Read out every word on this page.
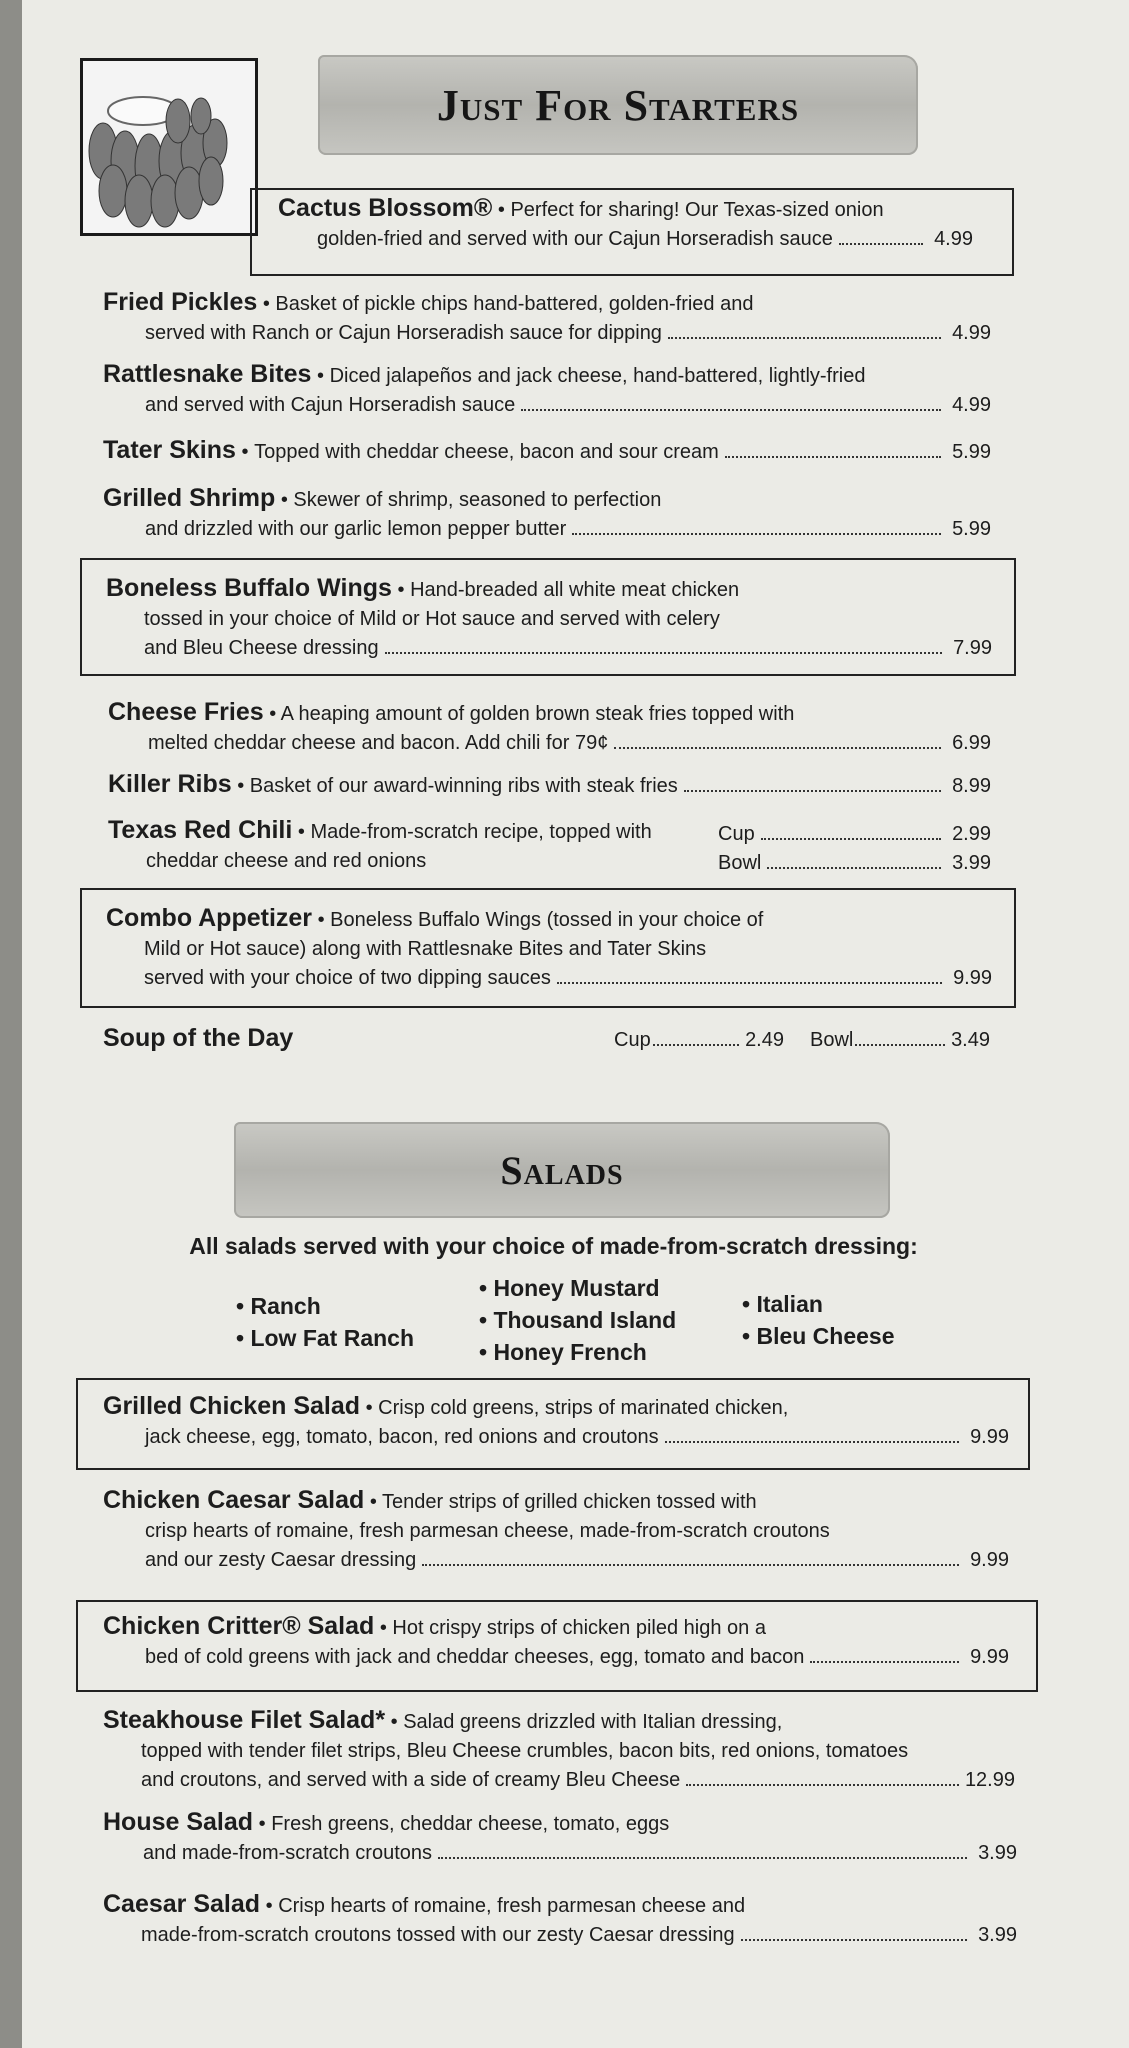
Just For Starters
Cactus Blossom® • Perfect for sharing! Our Texas-sized onion
golden-fried and served with our Cajun Horseradish sauce	4.99
Fried Pickles • Basket of pickle chips hand-battered, golden-fried and
served with Ranch or Cajun Horseradish sauce for dipping	4.99
Rattlesnake Bites • Diced jalapeños and jack cheese, hand-battered, lightly-fried
and served with Cajun Horseradish sauce	4.99
Tater Skins
•
Topped with cheddar cheese, bacon and sour cream	5.99
Grilled Shrimp • Skewer of shrimp, seasoned to perfection
and drizzled with our garlic lemon pepper butter	5.99
Boneless Buffalo Wings • Hand-breaded all white meat chicken
tossed in your choice of Mild or Hot sauce and served with celery
and Bleu Cheese dressing	7.99
Cheese Fries • A heaping amount of golden brown steak fries topped with
melted cheddar cheese and bacon. Add chili for 79¢	6.99
Killer Ribs
•
Basket of our award-winning ribs with steak fries	8.99
Texas Red Chili • Made-from-scratch recipe, topped with
cheddar cheese and red onions
Cup	2.99
Bowl	3.99
Combo Appetizer • Boneless Buffalo Wings (tossed in your choice of
Mild or Hot sauce) along with Rattlesnake Bites and Tater Skins
served with your choice of two dipping sauces	9.99
Soup of the Day	Cup	2.49 Bowl	3.49
Salads
All salads served with your choice of made-from-scratch dressing:
• Ranch
• Low Fat Ranch
• Honey Mustard
• Thousand Island
• Honey French
• Italian
• Bleu Cheese
Grilled Chicken Salad • Crisp cold greens, strips of marinated chicken,
jack cheese, egg, tomato, bacon, red onions and croutons	9.99
Chicken Caesar Salad • Tender strips of grilled chicken tossed with
crisp hearts of romaine, fresh parmesan cheese, made-from-scratch croutons
and our zesty Caesar dressing	9.99
Chicken Critter® Salad • Hot crispy strips of chicken piled high on a
bed of cold greens with jack and cheddar cheeses, egg, tomato and bacon	9.99
Steakhouse Filet Salad* • Salad greens drizzled with Italian dressing,
topped with tender filet strips, Bleu Cheese crumbles, bacon bits, red onions, tomatoes
and croutons, and served with a side of creamy Bleu Cheese	12.99
House Salad • Fresh greens, cheddar cheese, tomato, eggs
and made-from-scratch croutons	3.99
Caesar Salad • Crisp hearts of romaine, fresh parmesan cheese and
made-from-scratch croutons tossed with our zesty Caesar dressing	3.99
